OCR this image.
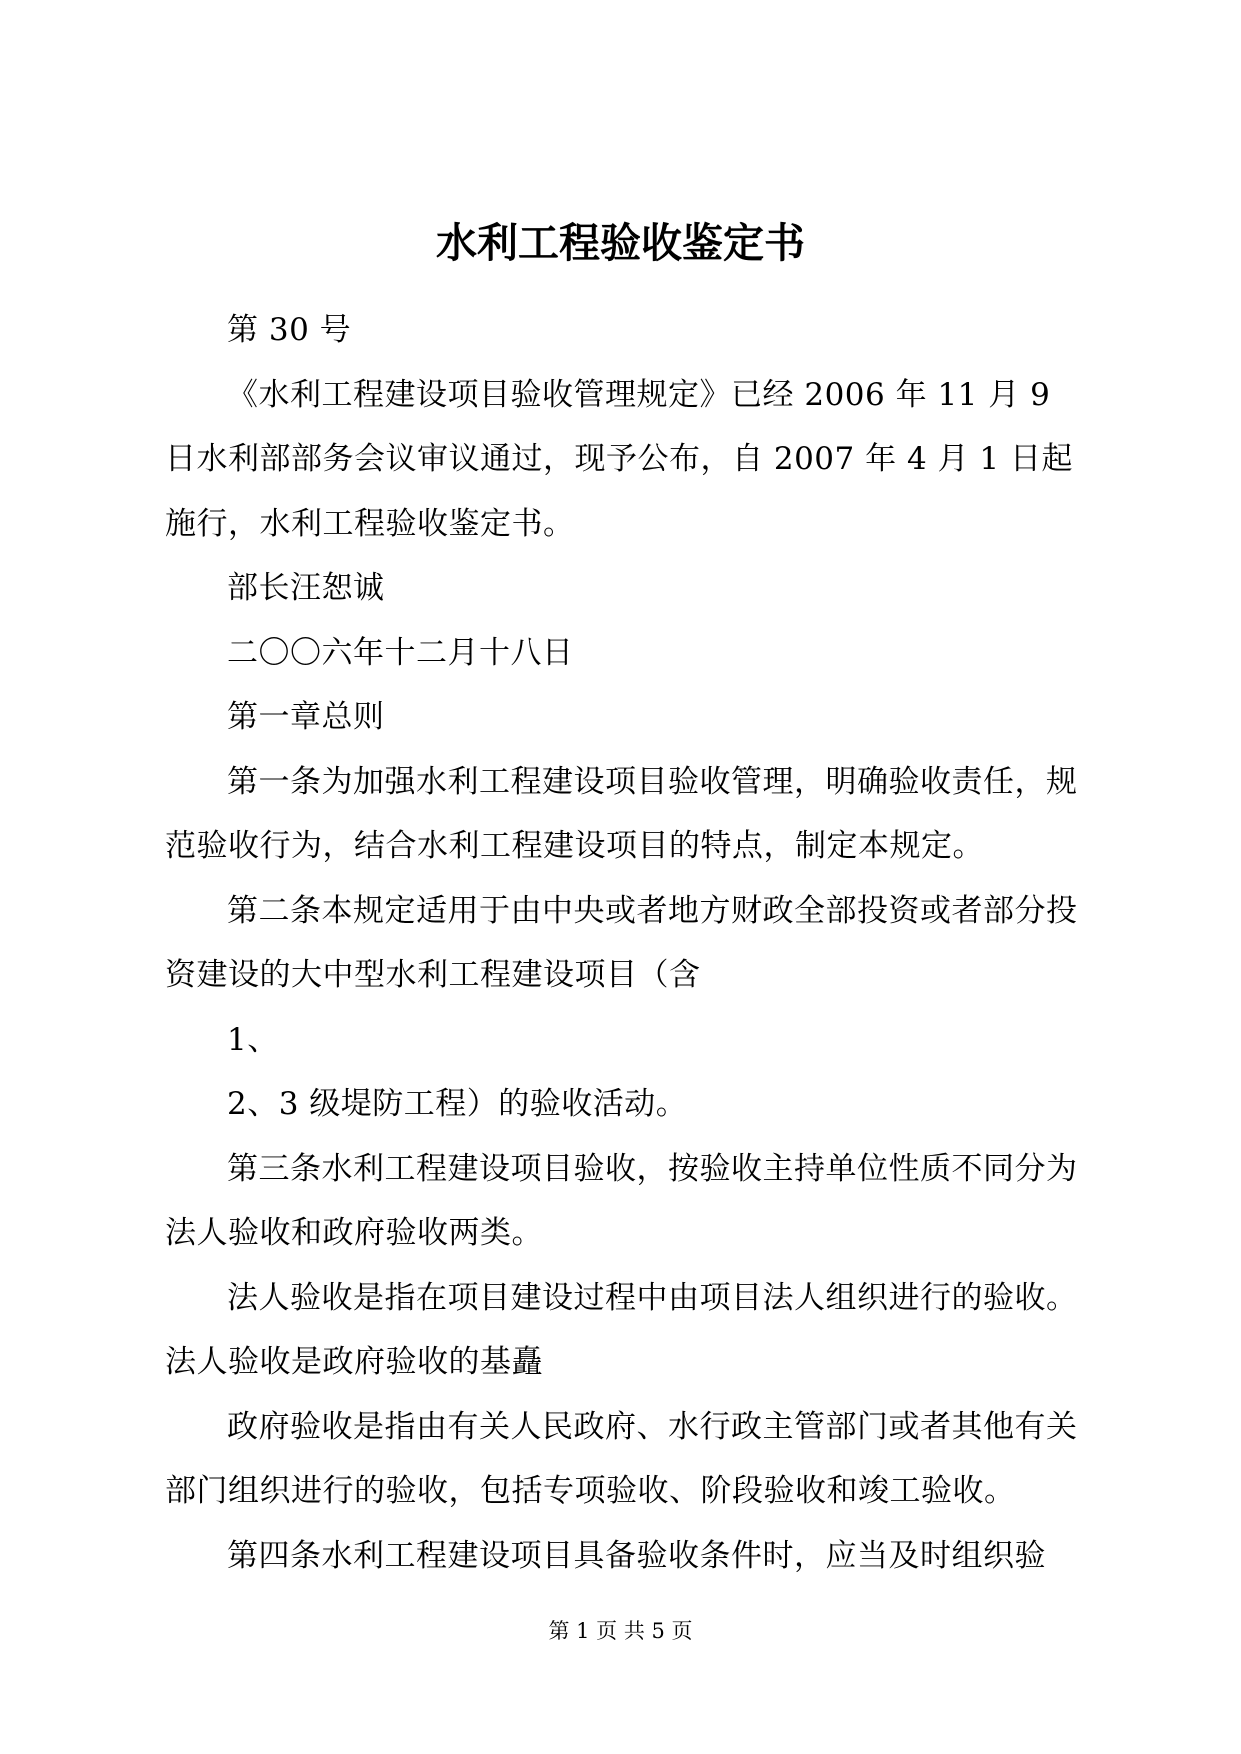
水利工程验收鉴定书

第 30 号

《水利工程建设项目验收管理规定》已经 2006 年 11 月 9 日水利部部务会议审议通过，现予公布，自 2007 年 4 月 1 日起施行，水利工程验收鉴定书。

部长汪恕诚

二〇〇六年十二月十八日

第一章总则

第一条为加强水利工程建设项目验收管理，明确验收责任，规范验收行为，结合水利工程建设项目的特点，制定本规定。

第二条本规定适用于由中央或者地方财政全部投资或者部分投资建设的大中型水利工程建设项目（含

1、

2、3 级堤防工程）的验收活动。

第三条水利工程建设项目验收，按验收主持单位性质不同分为法人验收和政府验收两类。

法人验收是指在项目建设过程中由项目法人组织进行的验收。法人验收是政府验收的基矗

政府验收是指由有关人民政府、水行政主管部门或者其他有关部门组织进行的验收，包括专项验收、阶段验收和竣工验收。

第四条水利工程建设项目具备验收条件时，应当及时组织验

第 1 页 共 5 页
